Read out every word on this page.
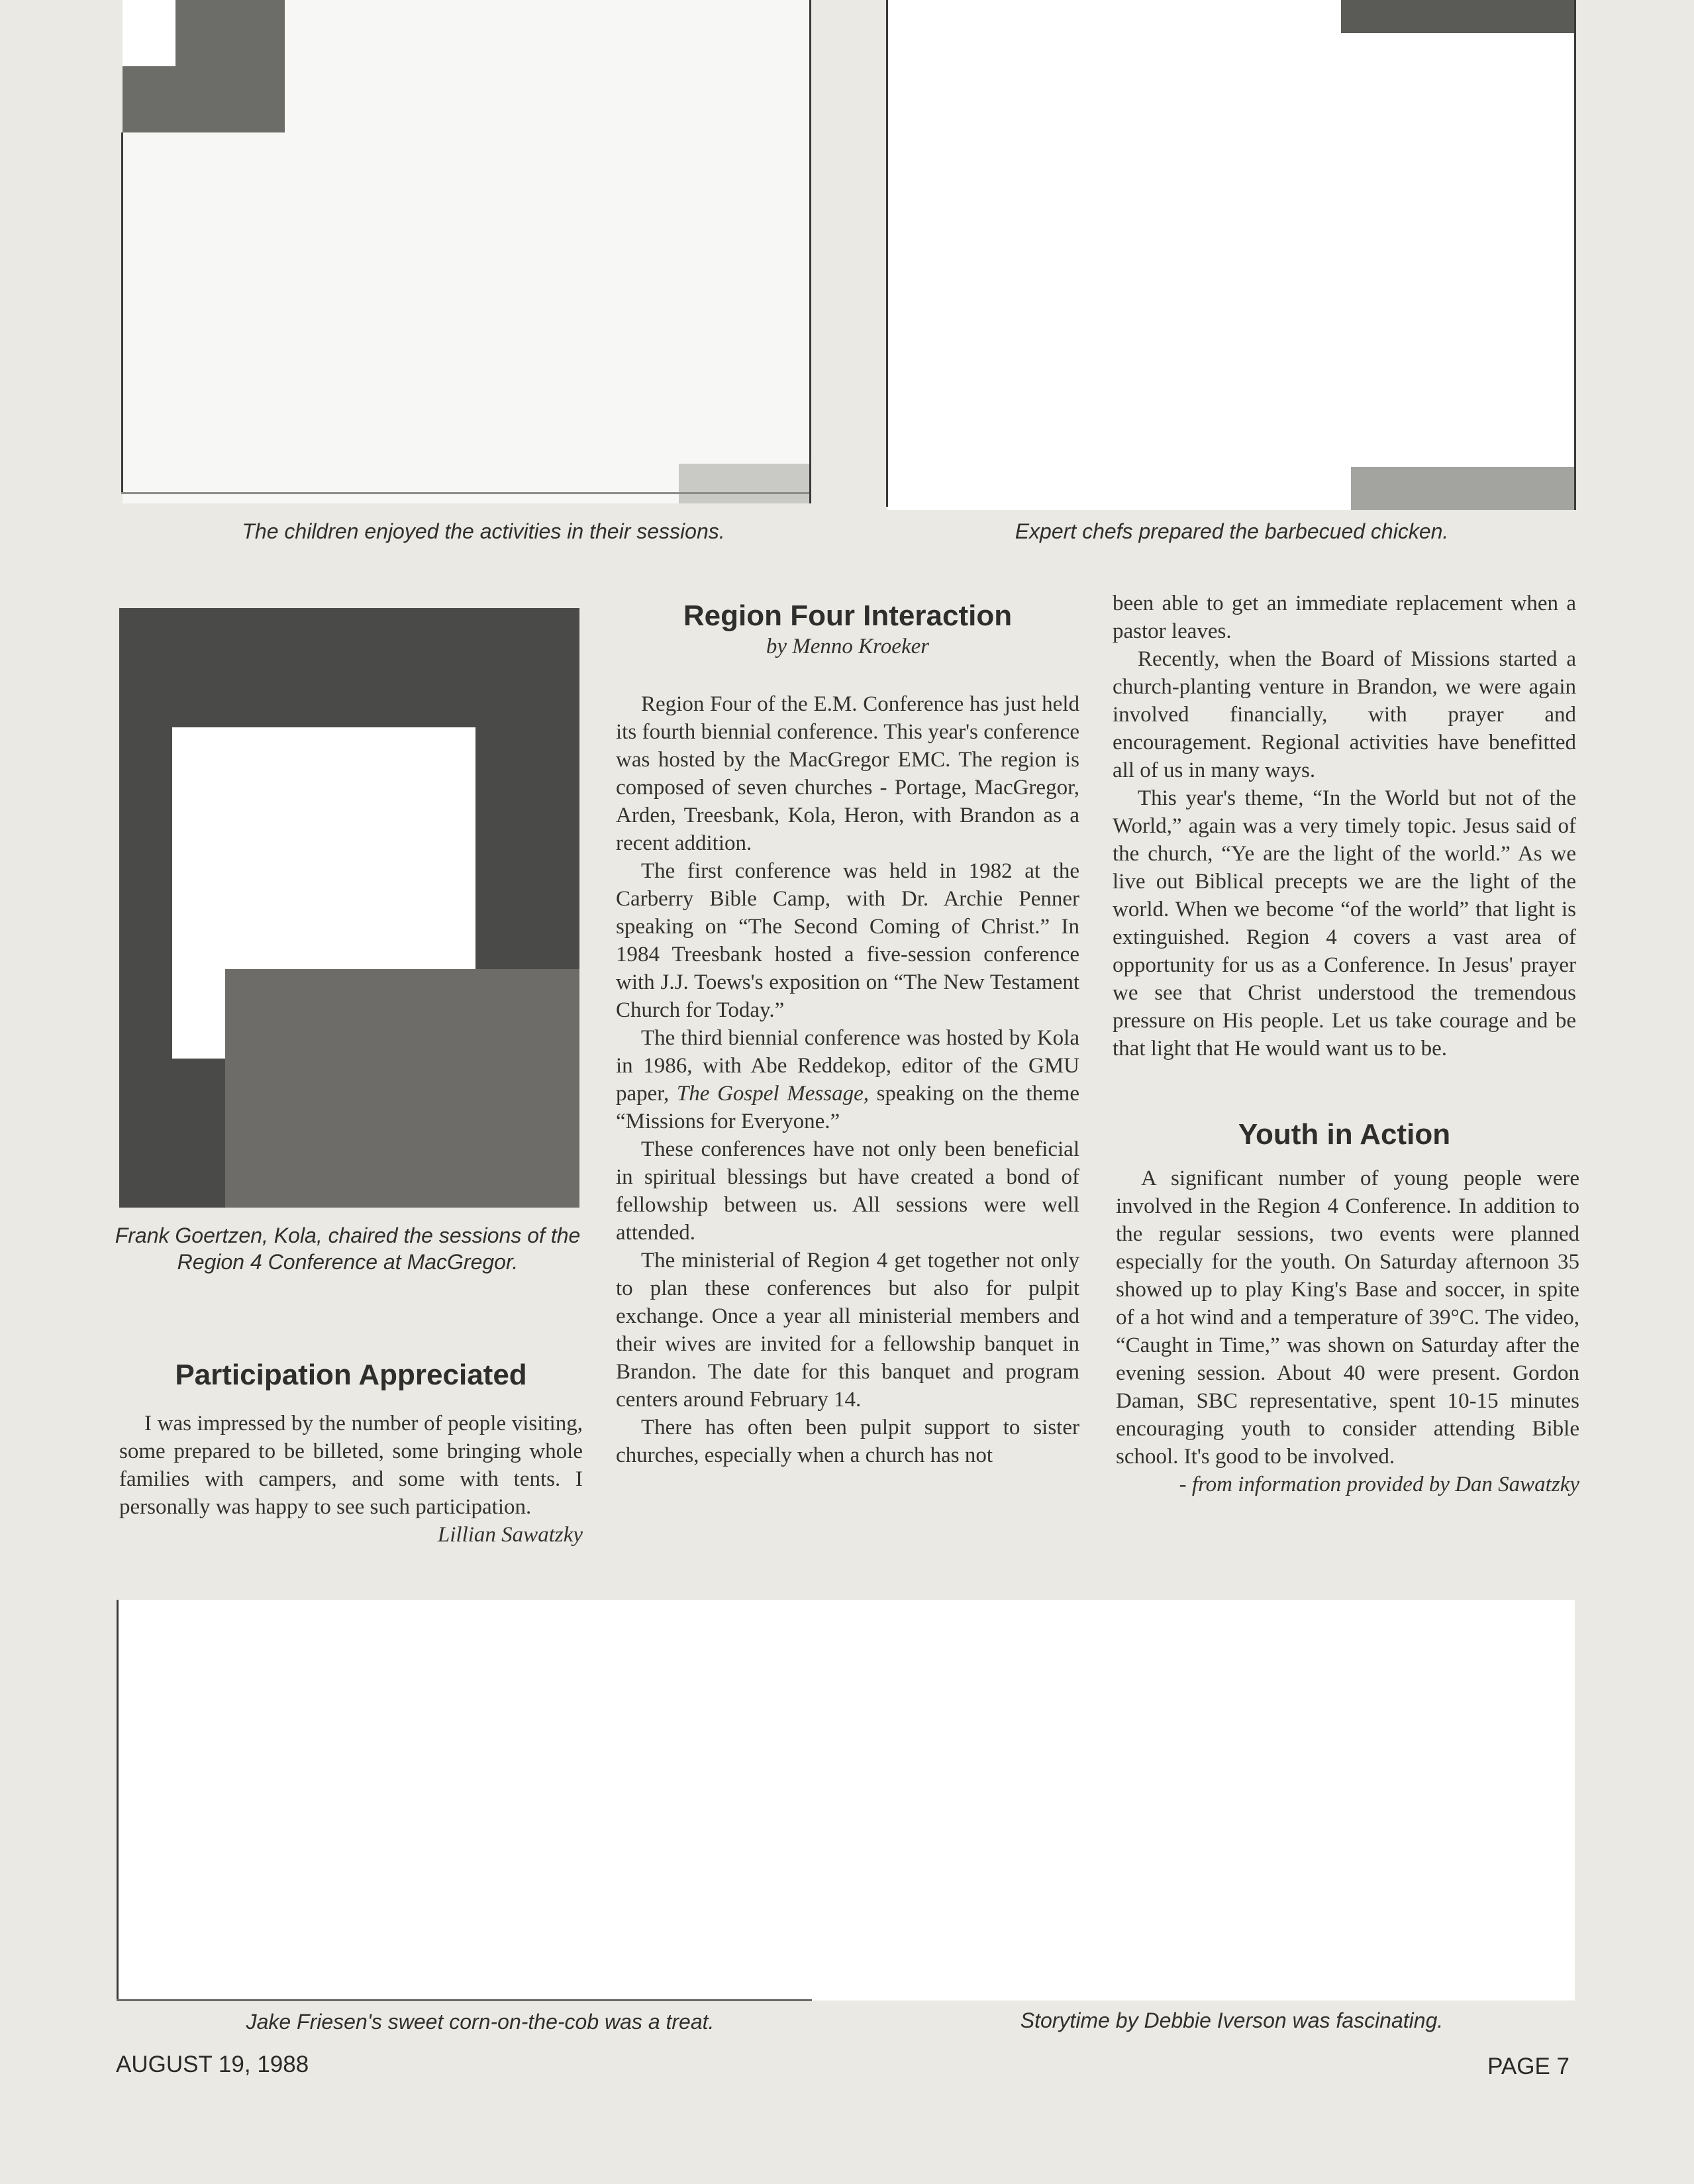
The children enjoyed the activities in their sessions.	Expert chefs prepared the barbecued chicken.
Frank Goertzen, Kola, chaired the sessions of the Region 4 Conference at MacGregor.
Participation Appreciated

I was impressed by the number of people visiting, some prepared to be billeted, some bringing whole families with campers, and some with tents. I personally was happy to see such participation.

Lillian Sawatzky

Region Four Interaction
by Menno Kroeker

Region Four of the E.M. Conference has just held its fourth biennial conference. This year's conference was hosted by the MacGregor EMC. The region is composed of seven churches - Portage, MacGregor, Arden, Treesbank, Kola, Heron, with Brandon as a recent addition.

The first conference was held in 1982 at the Carberry Bible Camp, with Dr. Archie Penner speaking on “The Second Coming of Christ.” In 1984 Treesbank hosted a five-session conference with J.J. Toews's exposition on “The New Testament Church for Today.”

The third biennial conference was hosted by Kola in 1986, with Abe Reddekop, editor of the GMU paper, The Gospel Message, speaking on the theme “Missions for Everyone.”

These conferences have not only been beneficial in spiritual blessings but have created a bond of fellowship between us. All sessions were well attended.

The ministerial of Region 4 get together not only to plan these conferences but also for pulpit exchange. Once a year all ministerial members and their wives are invited for a fellowship banquet in Brandon. The date for this banquet and program centers around February 14.

There has often been pulpit support to sister churches, especially when a church has not

been able to get an immediate replacement when a pastor leaves.

Recently, when the Board of Missions started a church-planting venture in Brandon, we were again involved financially, with prayer and encouragement. Regional activities have benefitted all of us in many ways.

This year's theme, “In the World but not of the World,” again was a very timely topic. Jesus said of the church, “Ye are the light of the world.” As we live out Biblical precepts we are the light of the world. When we become “of the world” that light is extinguished. Region 4 covers a vast area of opportunity for us as a Conference. In Jesus' prayer we see that Christ understood the tremendous pressure on His people. Let us take courage and be that light that He would want us to be.

Youth in Action

A significant number of young people were involved in the Region 4 Conference. In addition to the regular sessions, two events were planned especially for the youth. On Saturday afternoon 35 showed up to play King's Base and soccer, in spite of a hot wind and a temperature of 39°C. The video, “Caught in Time,” was shown on Saturday after the evening session. About 40 were present. Gordon Daman, SBC representative, spent 10-15 minutes encouraging youth to consider attending Bible school. It's good to be involved.

- from information provided by Dan Sawatzky

Jake Friesen's sweet corn-on-the-cob was a treat.	Storytime by Debbie Iverson was fascinating.
AUGUST 19, 1988	PAGE 7
